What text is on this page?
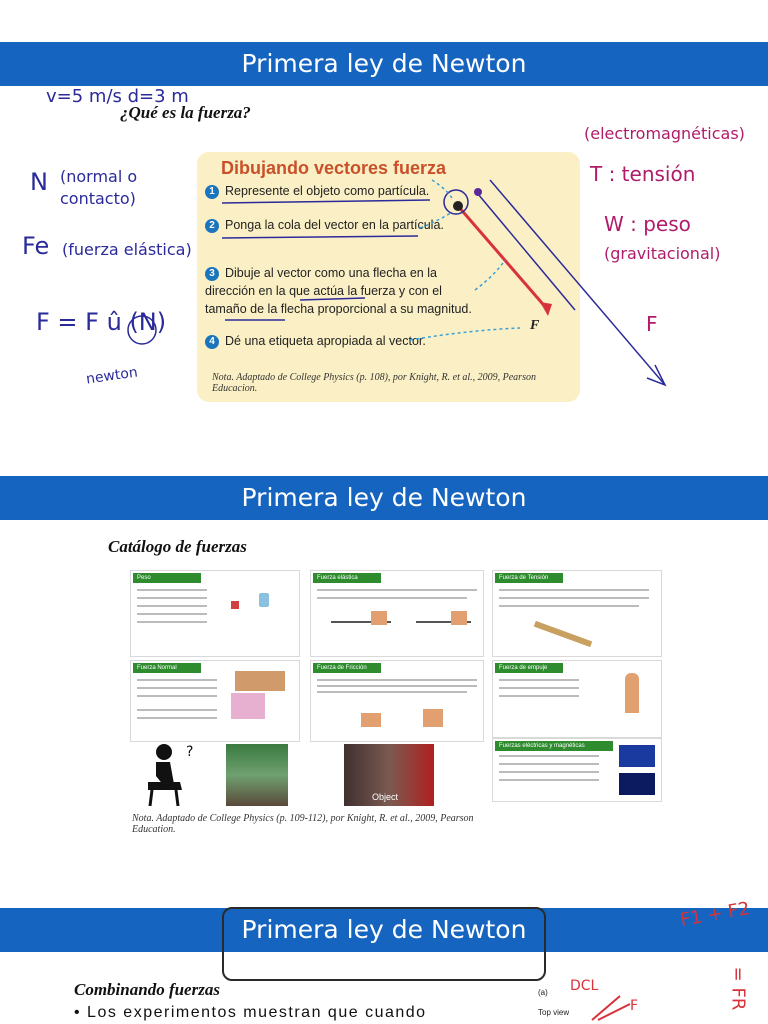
Primera ley de Newton
v=5 m/s d=3 m
¿Qué es la fuerza?
N (normal o contacto)
Fe (fuerza elástica)
F = F û (N)
newton
(electromagnéticas)
T : tensión
W : peso
(gravitacional)
F
Dibujando vectores fuerza
1 Represente el objeto como partícula.
2 Ponga la cola del vector en la partícula.
3 Dibuje al vector como una flecha en la dirección en la que actúa la fuerza y con el tamaño de la flecha proporcional a su magnitud.
4 Dé una etiqueta apropiada al vector.
F
Nota. Adaptado de College Physics (p. 108), por Knight, R. et al., 2009, Pearson Educacion.
Primera ley de Newton
Catálogo de fuerzas
Peso	Fuerza elástica	Fuerza de Tensión
Fuerza Normal	Fuerza de Fricción	Fuerza de empuje
Fuerzas eléctricas y magnéticas
?
Object
Nota. Adaptado de College Physics (p. 109-112), por Knight, R. et al., 2009, Pearson Education.
Primera ley de Newton
Combinando fuerzas
• Los experimentos muestran que cuando
(a)
Top view
DCL
F
F1 + F2
= FR
